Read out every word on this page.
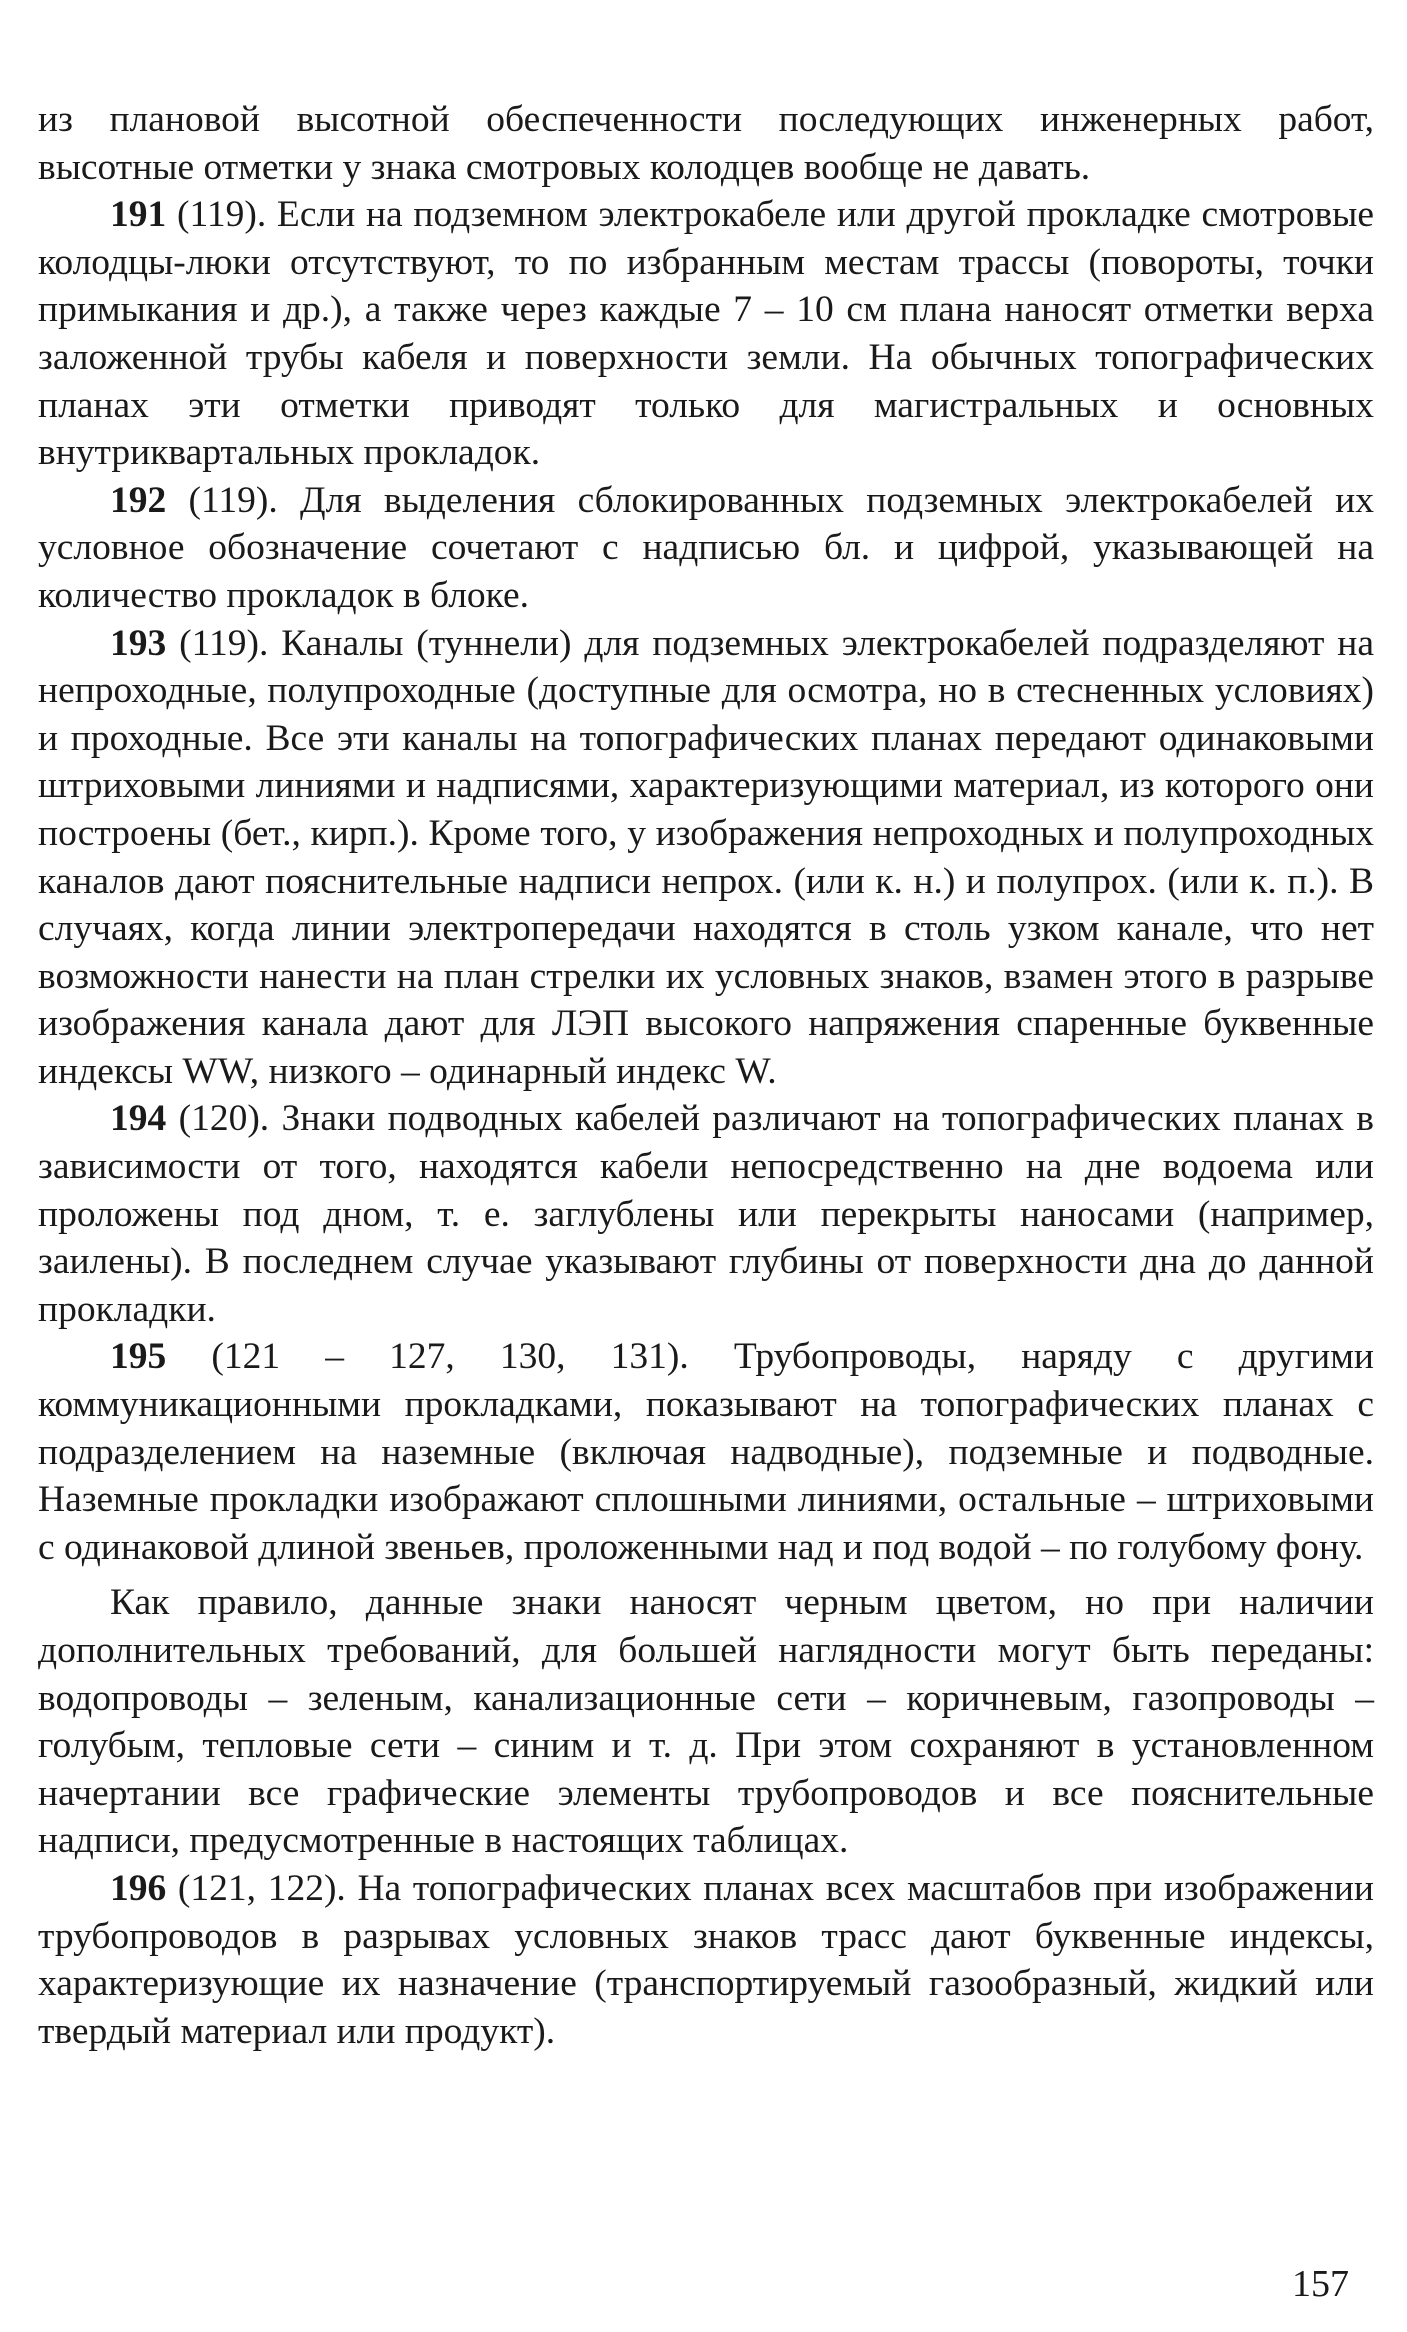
из плановой высотной обеспеченности последующих инженерных работ, высотные отметки у знака смотровых колодцев вообще не давать.

191 (119). Если на подземном электрокабеле или другой прокладке смотровые колодцы-люки отсутствуют, то по избранным местам трассы (повороты, точки примыкания и др.), а также через каждые 7 – 10 см плана наносят отметки верха заложенной трубы кабеля и поверхности земли. На обычных топографических планах эти отметки приводят только для магистральных и основных внутриквартальных прокладок.

192 (119). Для выделения сблокированных подземных электрокабелей их условное обозначение сочетают с надписью бл. и цифрой, указывающей на количество прокладок в блоке.

193 (119). Каналы (туннели) для подземных электрокабелей подразделяют на непроходные, полупроходные (доступные для осмотра, но в стесненных условиях) и проходные. Все эти каналы на топографических планах передают одинаковыми штриховыми линиями и надписями, характеризующими материал, из которого они построены (бет., кирп.). Кроме того, у изображения непроходных и полупроходных каналов дают пояснительные надписи непрох. (или к. н.) и полупрох. (или к. п.). В случаях, когда линии электропередачи находятся в столь узком канале, что нет возможности нанести на план стрелки их условных знаков, взамен этого в разрыве изображения канала дают для ЛЭП высокого напряжения спаренные буквенные индексы WW, низкого – одинарный индекс W.

194 (120). Знаки подводных кабелей различают на топографических планах в зависимости от того, находятся кабели непосредственно на дне водоема или проложены под дном, т. е. заглублены или перекрыты наносами (например, заилены). В последнем случае указывают глубины от поверхности дна до данной прокладки.

195 (121 – 127, 130, 131). Трубопроводы, наряду с другими коммуникационными прокладками, показывают на топографических планах с подразделением на наземные (включая надводные), подземные и подводные. Наземные прокладки изображают сплошными линиями, остальные – штриховыми с одинаковой длиной звеньев, проложенными над и под водой – по голубому фону.

Как правило, данные знаки наносят черным цветом, но при наличии дополнительных требований, для большей наглядности могут быть переданы: водопроводы – зеленым, канализационные сети – коричневым, газопроводы – голубым, тепловые сети – синим и т. д. При этом сохраняют в установленном начертании все графические элементы трубопроводов и все пояснительные надписи, предусмотренные в настоящих таблицах.

196 (121, 122). На топографических планах всех масштабов при изображении трубопроводов в разрывах условных знаков трасс дают буквенные индексы, характеризующие их назначение (транспортируемый газообразный, жидкий или твердый материал или продукт).

157
